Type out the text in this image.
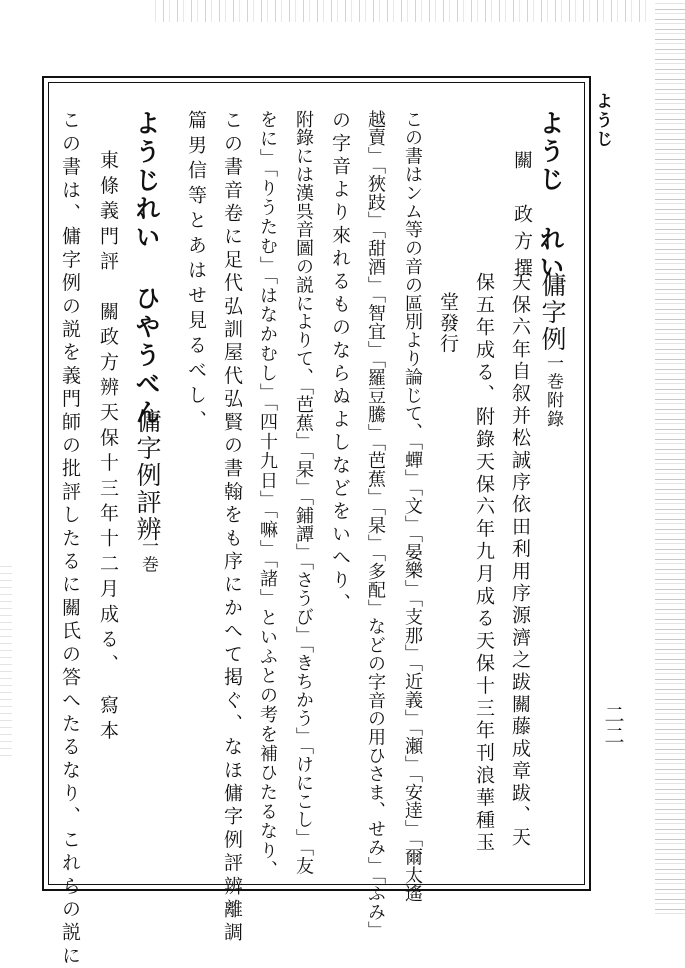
ようじ
二二
ようじ れい
關　政方撰
傭字例
一巻附錄
天保六年自叙并松誠序依田利用序源濟之跋關藤成章跋、天
保五年成る、附錄天保六年九月成る天保十三年刊浪華種玉
堂發行
この書はンム等の音の區別より論じて、「蟬」「文」「晏樂」「支那」「近義」「瀬」「安逹」「爾太遙
越賣」「狹跂」「甜酒」「智宜」「羅豆騰」「芭蕉」「杲」「多配」などの字音の用ひさま、せみ」「ふみ」
の字音より來れるものならぬよしなどをいへり、
附錄には漢呉音圖の説によりて、「芭蕉」「杲」「鋪譚」「さうび」「きちかう」「けにこし」「友
をに」「りうたむ」「はなかむし」「四十九日」「嘛」「諸」といふとの考を補ひたるなり、
この書音卷に足代弘訓屋代弘賢の書翰をも序にかへて掲ぐ、なほ傭字例評辨離調
篇男信等とあはせ見るべし、
ようじれい ひやうべん
傭字例評辨
一巻
東條義門評　關政方辨天保十三年十二月成る、　寫本
この書は、傭字例の説を義門師の批評したるに關氏の答へたるなり、これらの説に
